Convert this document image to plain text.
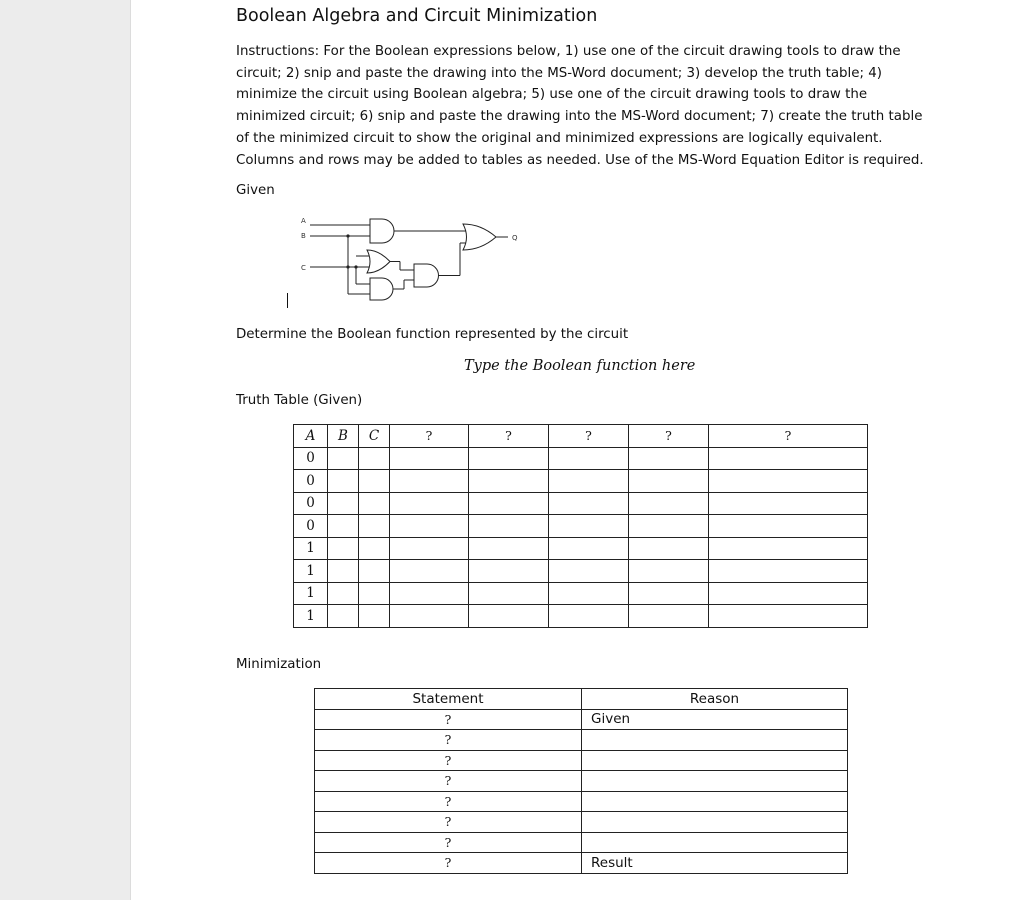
Boolean Algebra and Circuit Minimization
Instructions: For the Boolean expressions below, 1) use one of the circuit drawing tools to draw the circuit; 2) snip and paste the drawing into the MS-Word document; 3) develop the truth table; 4) minimize the circuit using Boolean algebra; 5) use one of the circuit drawing tools to draw the minimized circuit; 6) snip and paste the drawing into the MS-Word document; 7) create the truth table of the minimized circuit to show the original and minimized expressions are logically equivalent. Columns and rows may be added to tables as needed. Use of the MS-Word Equation Editor is required.
Given
A
B
C
Q
Determine the Boolean function represented by the circuit
Type the Boolean function here
Truth Table (Given)
A	B	C	?	?	?	?	?
0							
0							
0							
0							
1							
1							
1							
1							
Minimization
Statement	Reason
?	Given
?	
?	
?	
?	
?	
?	
?	Result
